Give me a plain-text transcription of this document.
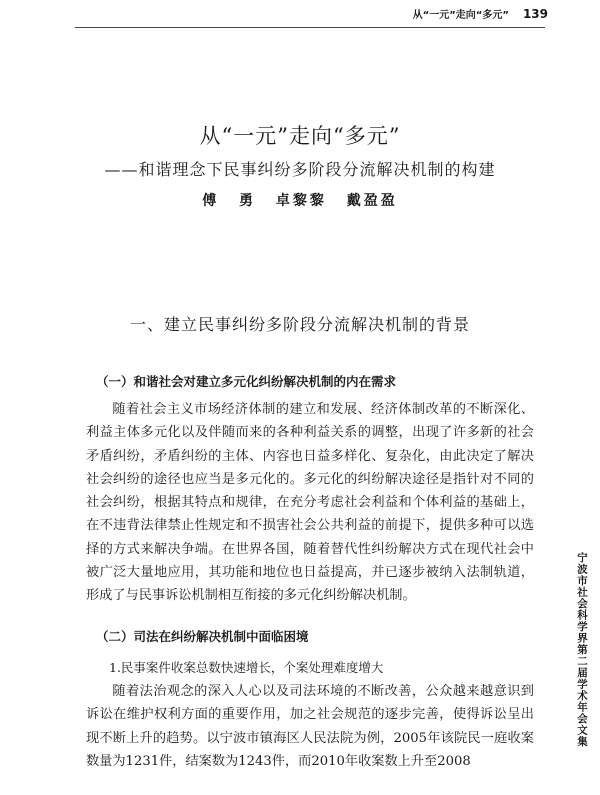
从“一元”走向“多元” 139
从“一元”走向“多元”
——和谐理念下民事纠纷多阶段分流解决机制的构建
傅 勇 卓黎黎 戴盈盈
一、建立民事纠纷多阶段分流解决机制的背景
（一）和谐社会对建立多元化纠纷解决机制的内在需求

随着社会主义市场经济体制的建立和发展、经济体制改革的不断深化、利益主体多元化以及伴随而来的各种利益关系的调整，出现了许多新的社会矛盾纠纷，矛盾纠纷的主体、内容也日益多样化、复杂化，由此决定了解决社会纠纷的途径也应当是多元化的。多元化的纠纷解决途径是指针对不同的社会纠纷，根据其特点和规律，在充分考虑社会利益和个体利益的基础上，在不违背法律禁止性规定和不损害社会公共利益的前提下，提供多种可以选择的方式来解决争端。在世界各国，随着替代性纠纷解决方式在现代社会中被广泛大量地应用，其功能和地位也日益提高，并已逐步被纳入法制轨道，形成了与民事诉讼机制相互衔接的多元化纠纷解决机制。

（二）司法在纠纷解决机制中面临困境
1.民事案件收案总数快速增长，个案处理难度增大

随着法治观念的深入人心以及司法环境的不断改善，公众越来越意识到诉讼在维护权利方面的重要作用，加之社会规范的逐步完善，使得诉讼呈出现不断上升的趋势。以宁波市镇海区人民法院为例，2005年该院民一庭收案数量为1231件，结案数为1243件，而2010年收案数上升至2008

宁波市社会科学界第二届学术年会文集
